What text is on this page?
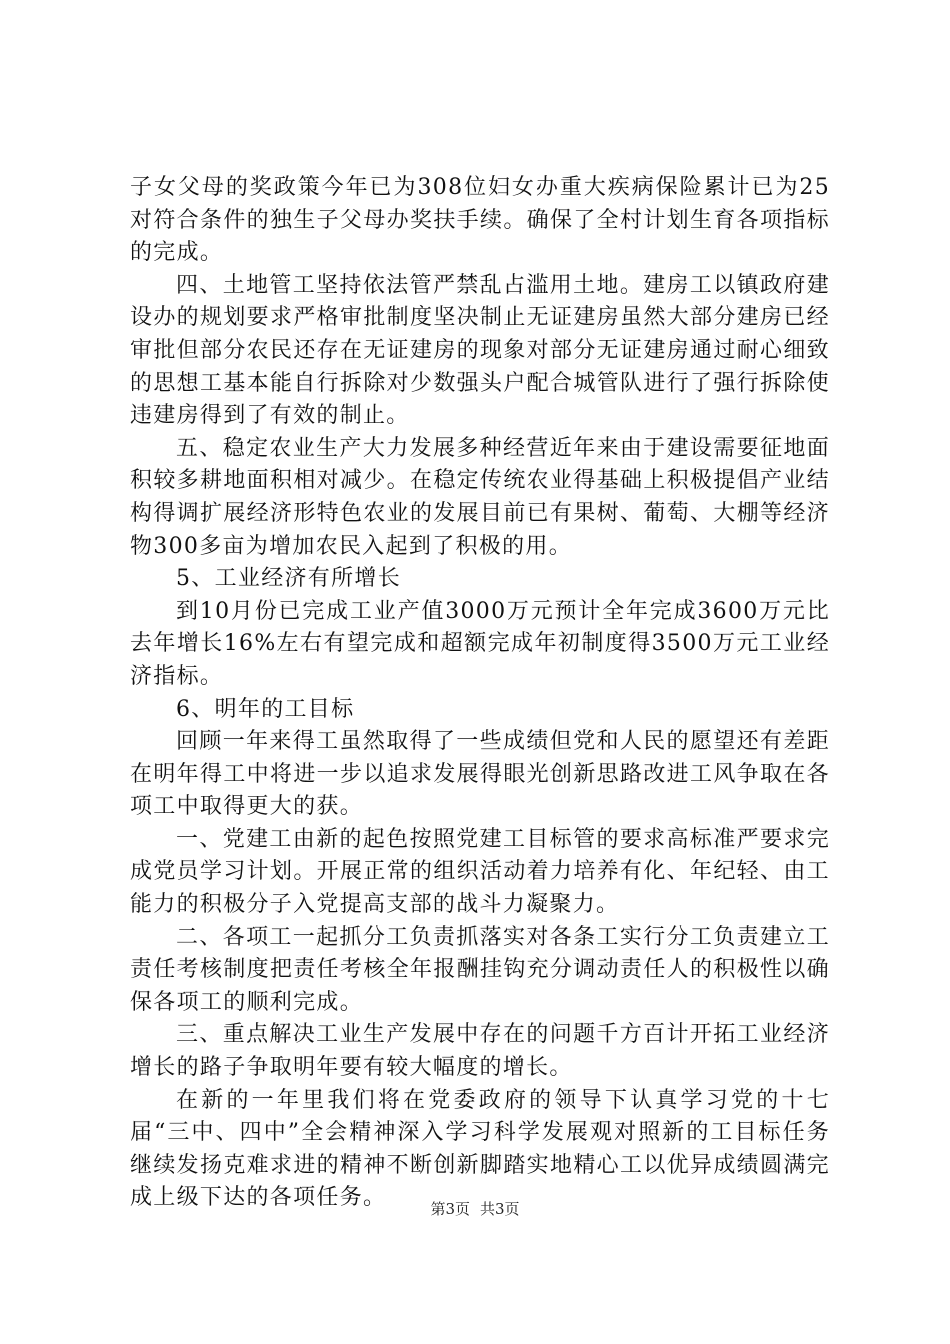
子女父母的奖政策今年已为308位妇女办重大疾病保险累计已为25对符合条件的独生子父母办奖扶手续。确保了全村计划生育各项指标的完成。

四、土地管工坚持依法管严禁乱占滥用土地。建房工以镇政府建设办的规划要求严格审批制度坚决制止无证建房虽然大部分建房已经审批但部分农民还存在无证建房的现象对部分无证建房通过耐心细致的思想工基本能自行拆除对少数强头户配合城管队进行了强行拆除使违建房得到了有效的制止。

五、稳定农业生产大力发展多种经营近年来由于建设需要征地面积较多耕地面积相对减少。在稳定传统农业得基础上积极提倡产业结构得调扩展经济形特色农业的发展目前已有果树、葡萄、大棚等经济物300多亩为增加农民入起到了积极的用。

5、工业经济有所增长

到10月份已完成工业产值3000万元预计全年完成3600万元比去年增长16%左右有望完成和超额完成年初制度得3500万元工业经济指标。

6、明年的工目标

回顾一年来得工虽然取得了一些成绩但党和人民的愿望还有差距在明年得工中将进一步以追求发展得眼光创新思路改进工风争取在各项工中取得更大的获。

一、党建工由新的起色按照党建工目标管的要求高标准严要求完成党员学习计划。开展正常的组织活动着力培养有化、年纪轻、由工能力的积极分子入党提高支部的战斗力凝聚力。

二、各项工一起抓分工负责抓落实对各条工实行分工负责建立工责任考核制度把责任考核全年报酬挂钩充分调动责任人的积极性以确保各项工的顺利完成。

三、重点解决工业生产发展中存在的问题千方百计开拓工业经济增长的路子争取明年要有较大幅度的增长。

在新的一年里我们将在党委政府的领导下认真学习党的十七届“三中、四中”全会精神深入学习科学发展观对照新的工目标任务继续发扬克难求进的精神不断创新脚踏实地精心工以优异成绩圆满完成上级下达的各项任务。	第3页 共3页
